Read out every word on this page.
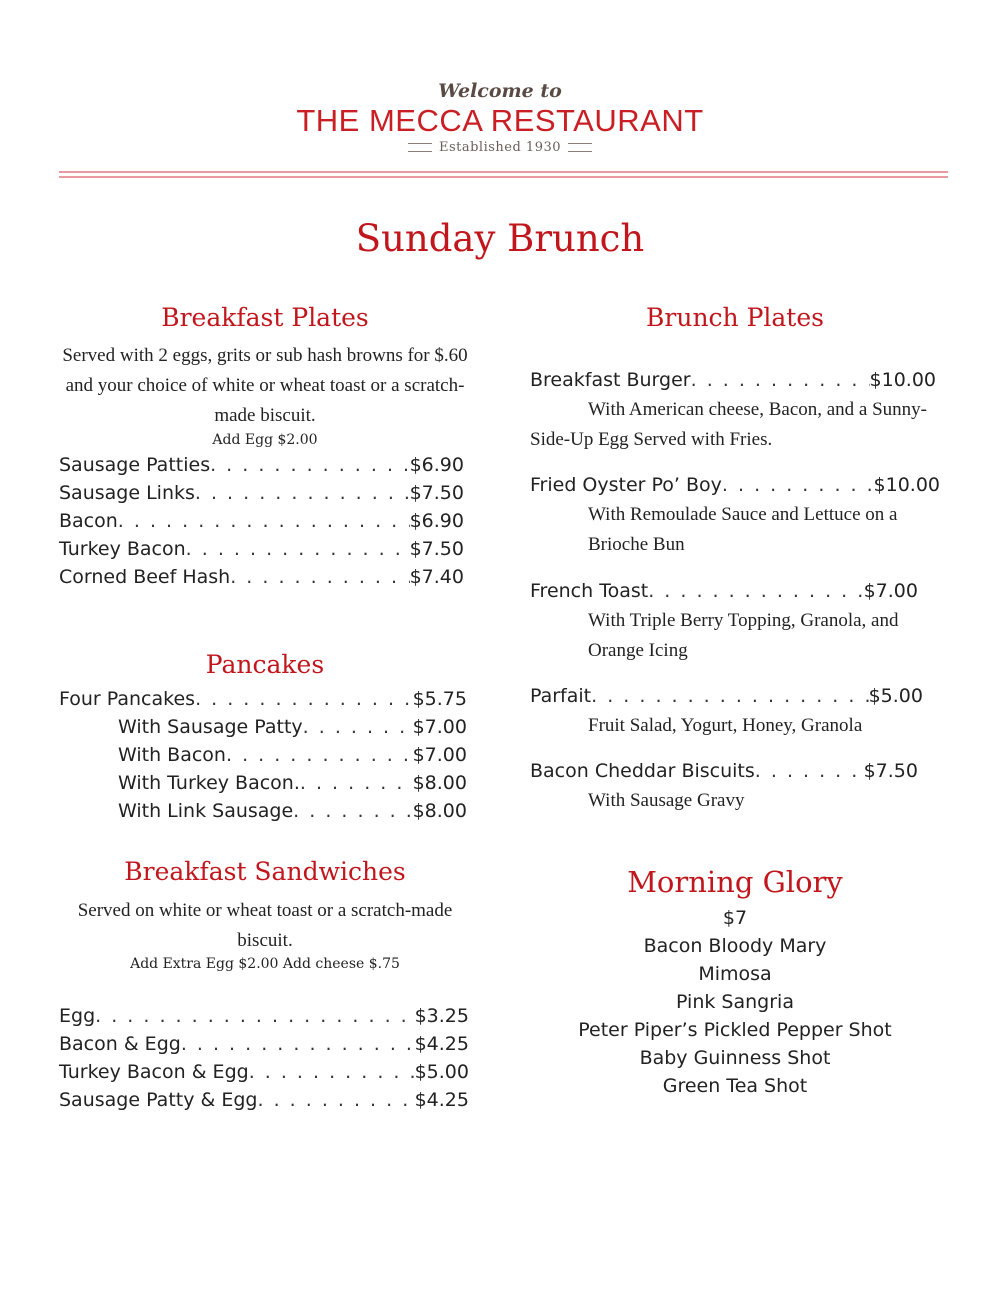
Welcome to
THE MECCA RESTAURANT
Established 1930
Sunday Brunch
Breakfast Plates
Served with 2 eggs, grits or sub hash browns for $.60 and your choice of white or wheat toast or a scratch-made biscuit.
Add Egg $2.00
Sausage Patties . . .	$6.90
Sausage Links . . .	$7.50
Bacon . . .	$6.90
Turkey Bacon . . .	$7.50
Corned Beef Hash . . .	$7.40
Pancakes
Four Pancakes . . .	$5.75
With Sausage Patty . . .	$7.00
With Bacon . . .	$7.00
With Turkey Bacon. . . .	$8.00
With Link Sausage . . .	$8.00
Breakfast Sandwiches
Served on white or wheat toast or a scratch-made biscuit.
Add Extra Egg $2.00 Add cheese $.75
Egg . . .	$3.25
Bacon & Egg . . .	$4.25
Turkey Bacon & Egg . . .	$5.00
Sausage Patty & Egg . . .	$4.25
Brunch Plates
Breakfast Burger . . .	$10.00
With American cheese, Bacon, and a Sunny-Side-Up Egg Served with Fries.
Fried Oyster Po’ Boy . . .	$10.00
With Remoulade Sauce and Lettuce on a Brioche Bun
French Toast . . .	$7.00
With Triple Berry Topping, Granola, and Orange Icing
Parfait . . .	$5.00
Fruit Salad, Yogurt, Honey, Granola
Bacon Cheddar Biscuits . . .	$7.50
With Sausage Gravy
Morning Glory
$7
Bacon Bloody Mary
Mimosa
Pink Sangria
Peter Piper’s Pickled Pepper Shot
Baby Guinness Shot
Green Tea Shot
